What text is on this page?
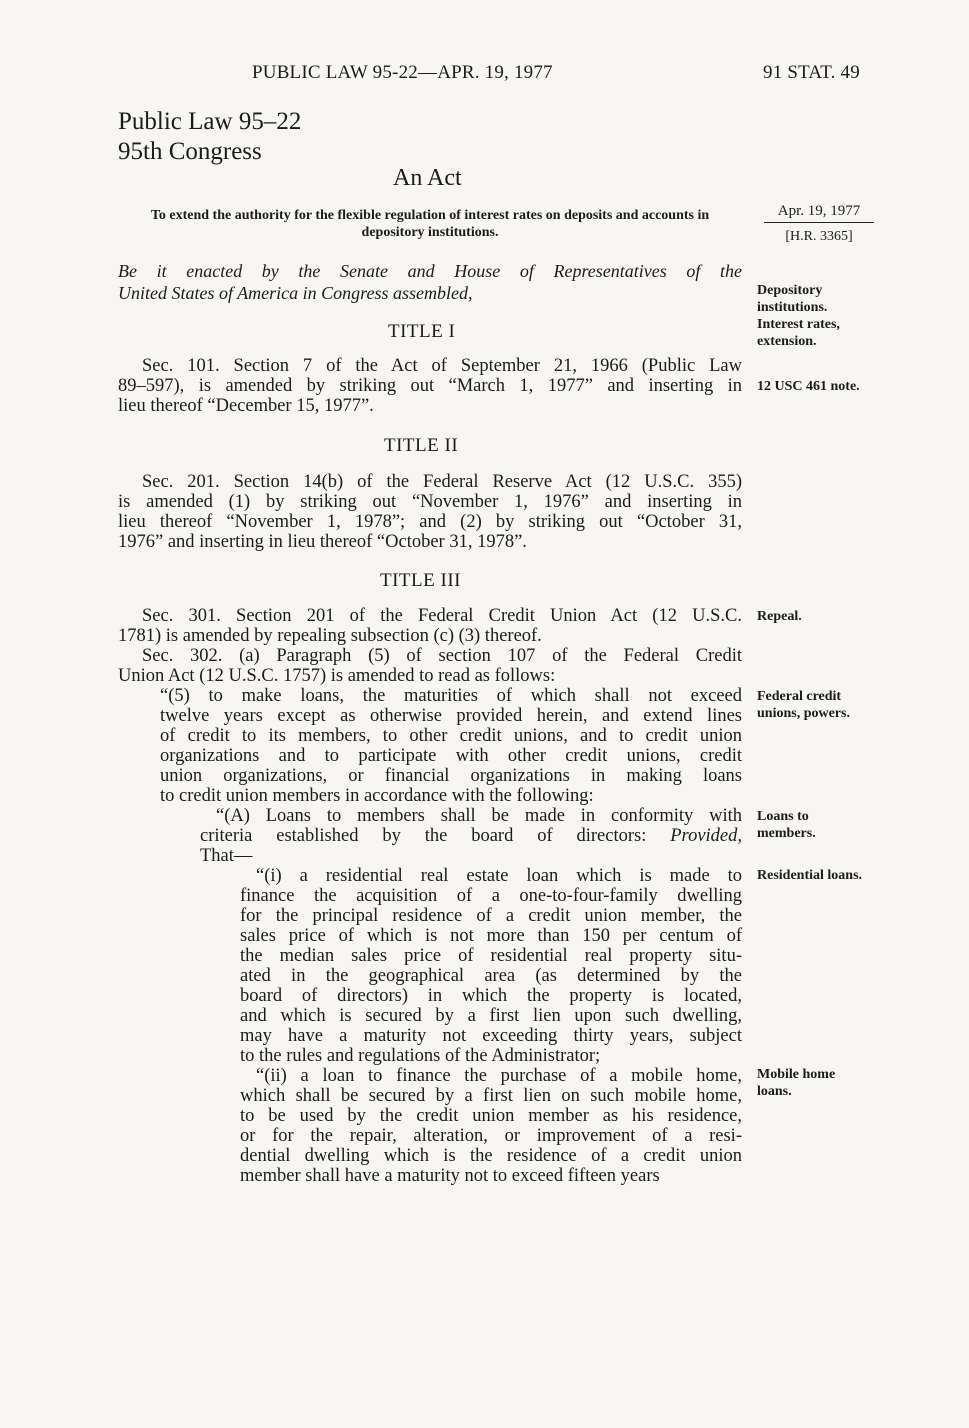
PUBLIC LAW 95-22—APR. 19, 1977	91 STAT. 49
Public Law 95–22
95th Congress
An Act
To extend the authority for the flexible regulation of interest rates on deposits and accounts in depository institutions.
Apr. 19, 1977
[H.R. 3365]
Be it enacted by the Senate and House of Representatives of the
United States of America in Congress assembled,	Depository
institutions.
Interest rates,
extension.
12 USC 461 note.
Repeal.
Federal credit
unions, powers.
Loans to
members.
Residential loans.
Mobile home
loans.
TITLE I
Sec. 101. Section 7 of the Act of September 21, 1966 (Public Law
89–597), is amended by striking out “March 1, 1977” and inserting in
lieu thereof “December 15, 1977”.
TITLE II
Sec. 201. Section 14(b) of the Federal Reserve Act (12 U.S.C. 355)
is amended (1) by striking out “November 1, 1976” and inserting in
lieu thereof “November 1, 1978”; and (2) by striking out “October 31,
1976” and inserting in lieu thereof “October 31, 1978”.
TITLE III
Sec. 301. Section 201 of the Federal Credit Union Act (12 U.S.C.
1781) is amended by repealing subsection (c) (3) thereof.
Sec. 302. (a) Paragraph (5) of section 107 of the Federal Credit
Union Act (12 U.S.C. 1757) is amended to read as follows:
“(5) to make loans, the maturities of which shall not exceed
twelve years except as otherwise provided herein, and extend lines
of credit to its members, to other credit unions, and to credit union
organizations and to participate with other credit unions, credit
union organizations, or financial organizations in making loans
to credit union members in accordance with the following:
“(A) Loans to members shall be made in conformity with
criteria established by the board of directors: Provided,
That—
“(i) a residential real estate loan which is made to
finance the acquisition of a one-to-four-family dwelling
for the principal residence of a credit union member, the
sales price of which is not more than 150 per centum of
the median sales price of residential real property situ-
ated in the geographical area (as determined by the
board of directors) in which the property is located,
and which is secured by a first lien upon such dwelling,
may have a maturity not exceeding thirty years, subject
to the rules and regulations of the Administrator;
“(ii) a loan to finance the purchase of a mobile home,
which shall be secured by a first lien on such mobile home,
to be used by the credit union member as his residence,
or for the repair, alteration, or improvement of a resi-
dential dwelling which is the residence of a credit union
member shall have a maturity not to exceed fifteen years
